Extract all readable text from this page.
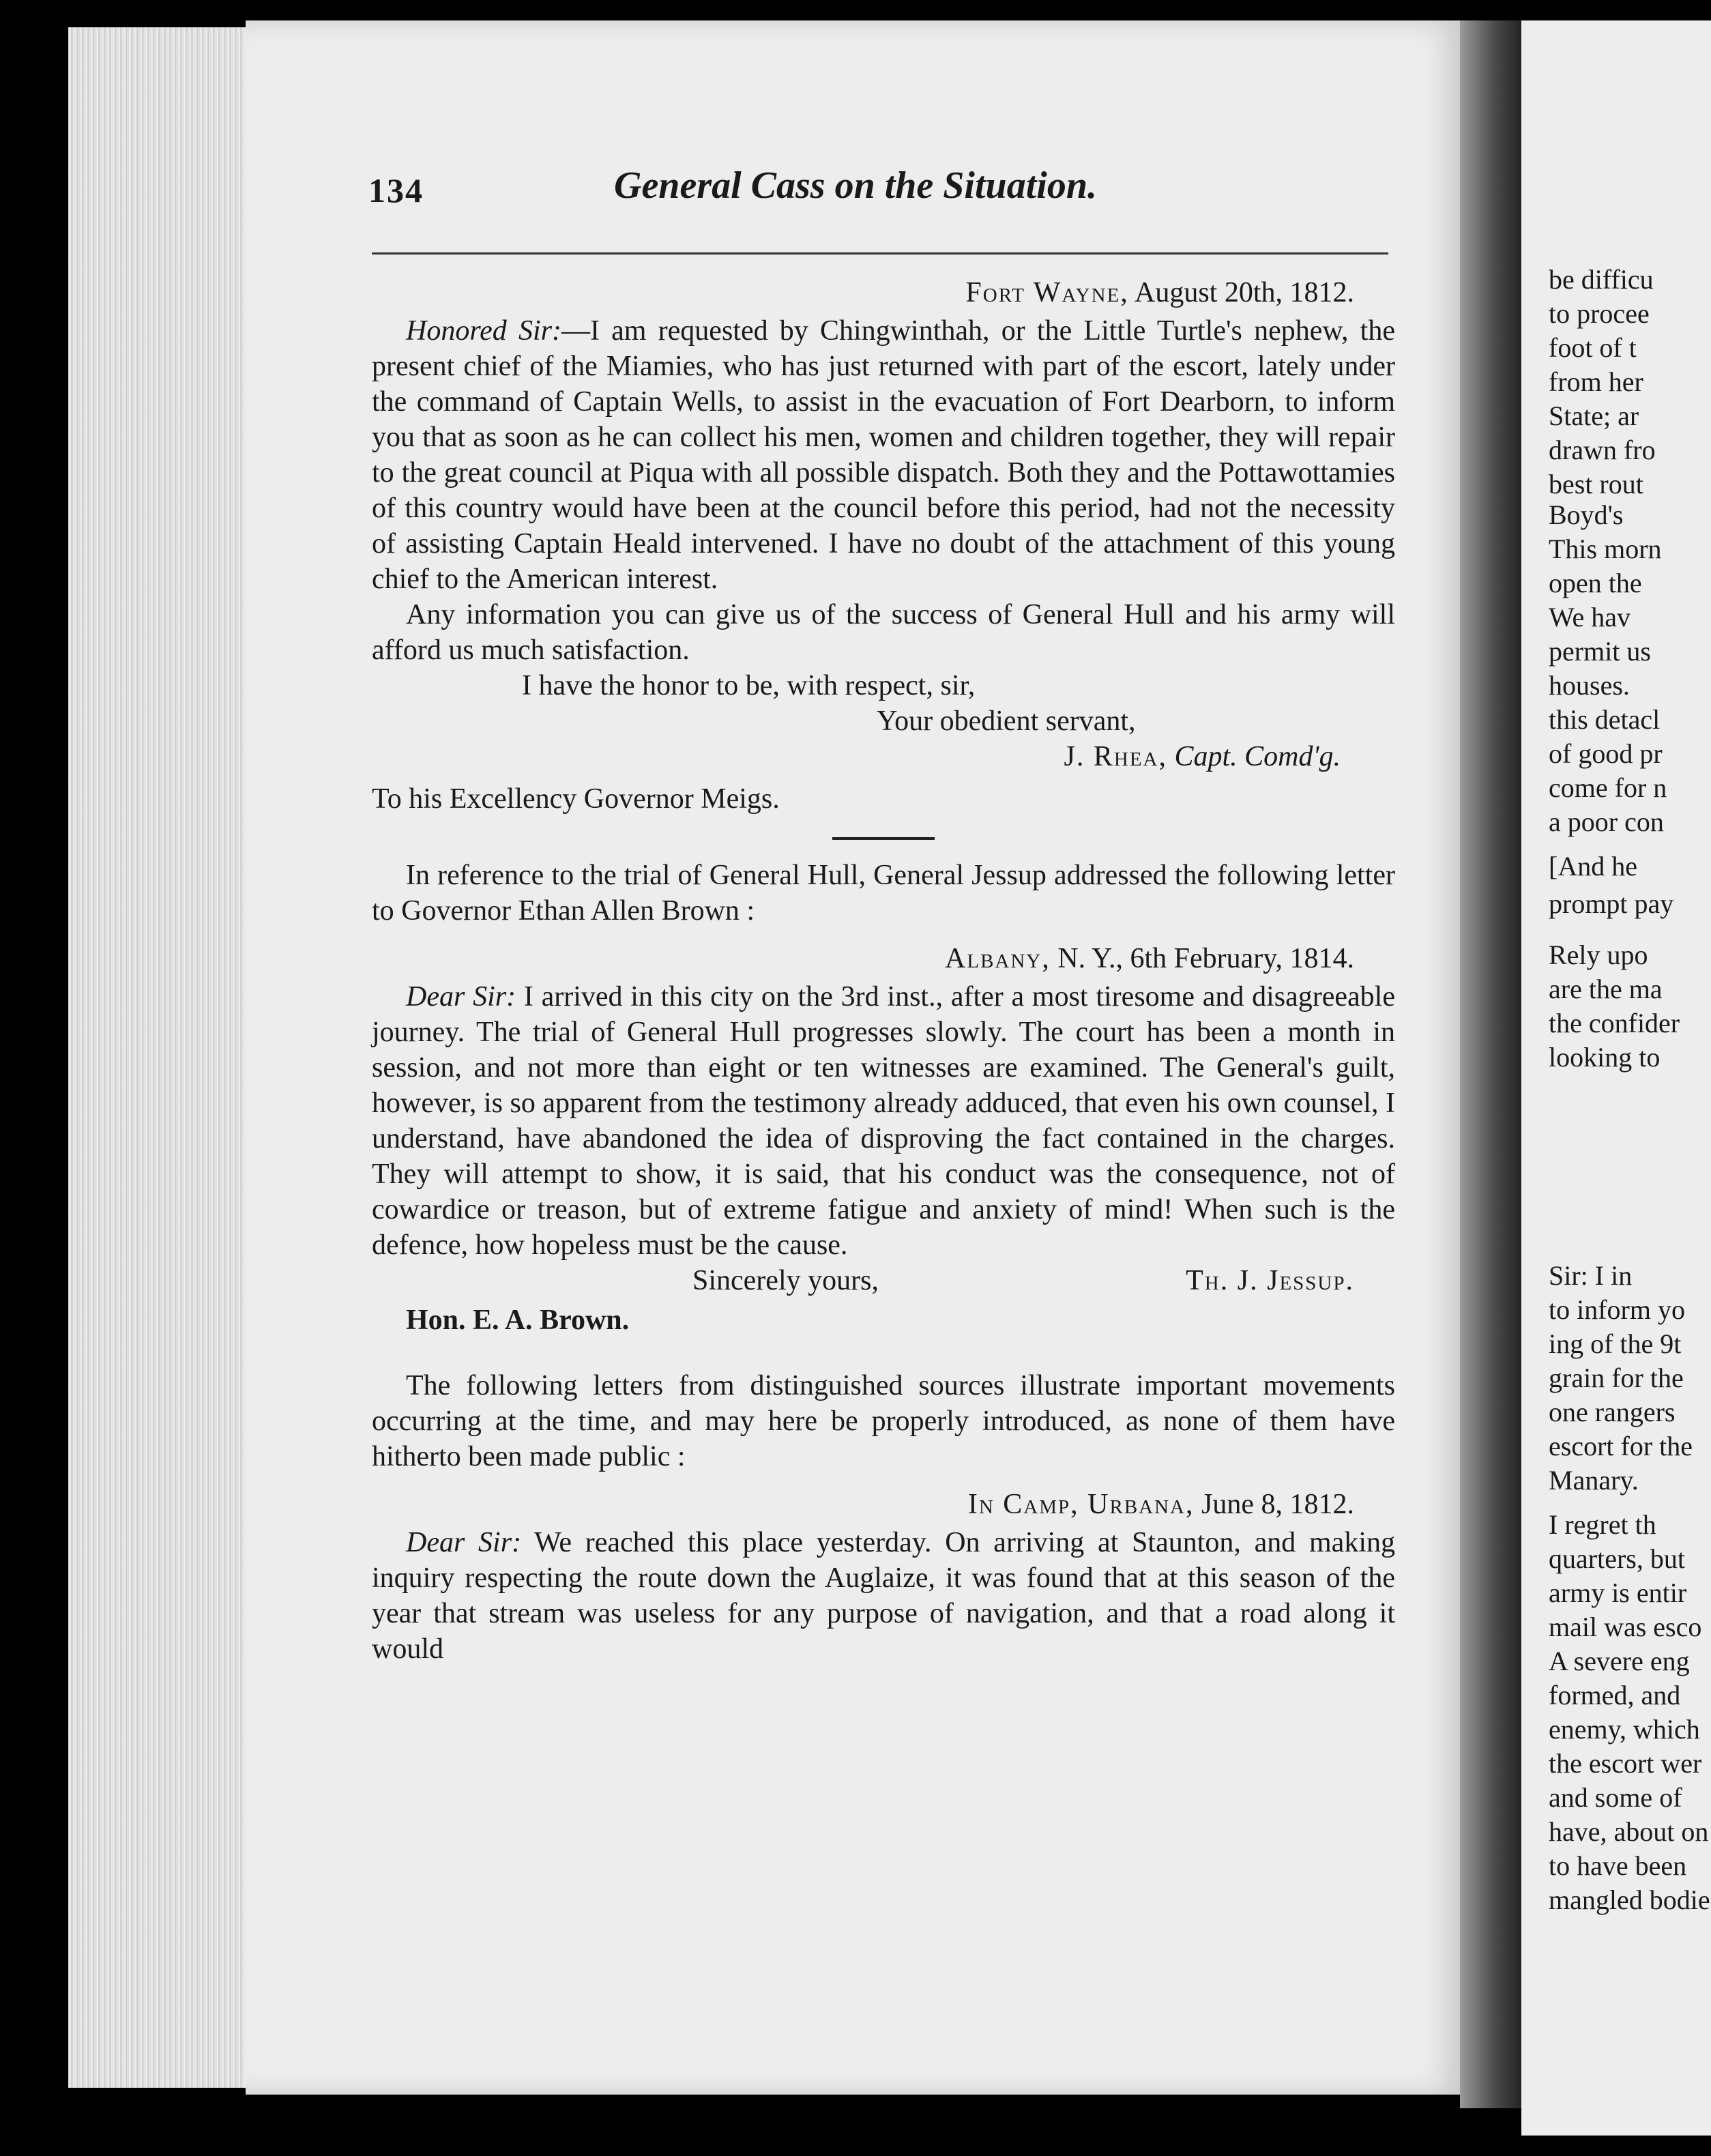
be difficu
to procee
foot of t
from her
State; ar
drawn fro
best rout
Boyd's
This morn
open the
We hav
permit us
houses.
this detacl
of good pr
come for n
a poor con
[And he
prompt pay
Rely upo
are the ma
the confider
looking to
Sir: I in
to inform yo
ing of the 9t
grain for the
one rangers
escort for the
Manary.
I regret th
quarters, but
army is entir
mail was esco
A severe eng
formed, and
enemy, which
the escort wer
and some of
have, about on
to have been
mangled bodie
134	General Cass on the Situation.

Fort Wayne, August 20th, 1812.

Honored Sir:—I am requested by Chingwinthah, or the Little Turtle's nephew, the present chief of the Miamies, who has just returned with part of the escort, lately under the command of Captain Wells, to assist in the evacuation of Fort Dearborn, to inform you that as soon as he can collect his men, women and children together, they will repair to the great council at Piqua with all possible dispatch. Both they and the Pottawottamies of this country would have been at the council before this period, had not the necessity of assisting Captain Heald intervened. I have no doubt of the attachment of this young chief to the American interest.

Any information you can give us of the success of General Hull and his army will afford us much satisfaction.

I have the honor to be, with respect, sir,

Your obedient servant,

J. Rhea, Capt. Comd'g.

To his Excellency Governor Meigs.

In reference to the trial of General Hull, General Jessup addressed the following letter to Governor Ethan Allen Brown :

Albany, N. Y., 6th February, 1814.

Dear Sir: I arrived in this city on the 3rd inst., after a most tiresome and disagreeable journey. The trial of General Hull progresses slowly. The court has been a month in session, and not more than eight or ten witnesses are examined. The General's guilt, however, is so apparent from the testimony already adduced, that even his own counsel, I understand, have abandoned the idea of disproving the fact contained in the charges. They will attempt to show, it is said, that his conduct was the consequence, not of cowardice or treason, but of extreme fatigue and anxiety of mind! When such is the defence, how hopeless must be the cause.

Sincerely yours,	Th. J. Jessup.

Hon. E. A. Brown.

The following letters from distinguished sources illustrate important movements occurring at the time, and may here be properly introduced, as none of them have hitherto been made public :

In Camp, Urbana, June 8, 1812.

Dear Sir: We reached this place yesterday. On arriving at Staunton, and making inquiry respecting the route down the Auglaize, it was found that at this season of the year that stream was useless for any purpose of navigation, and that a road along it would
